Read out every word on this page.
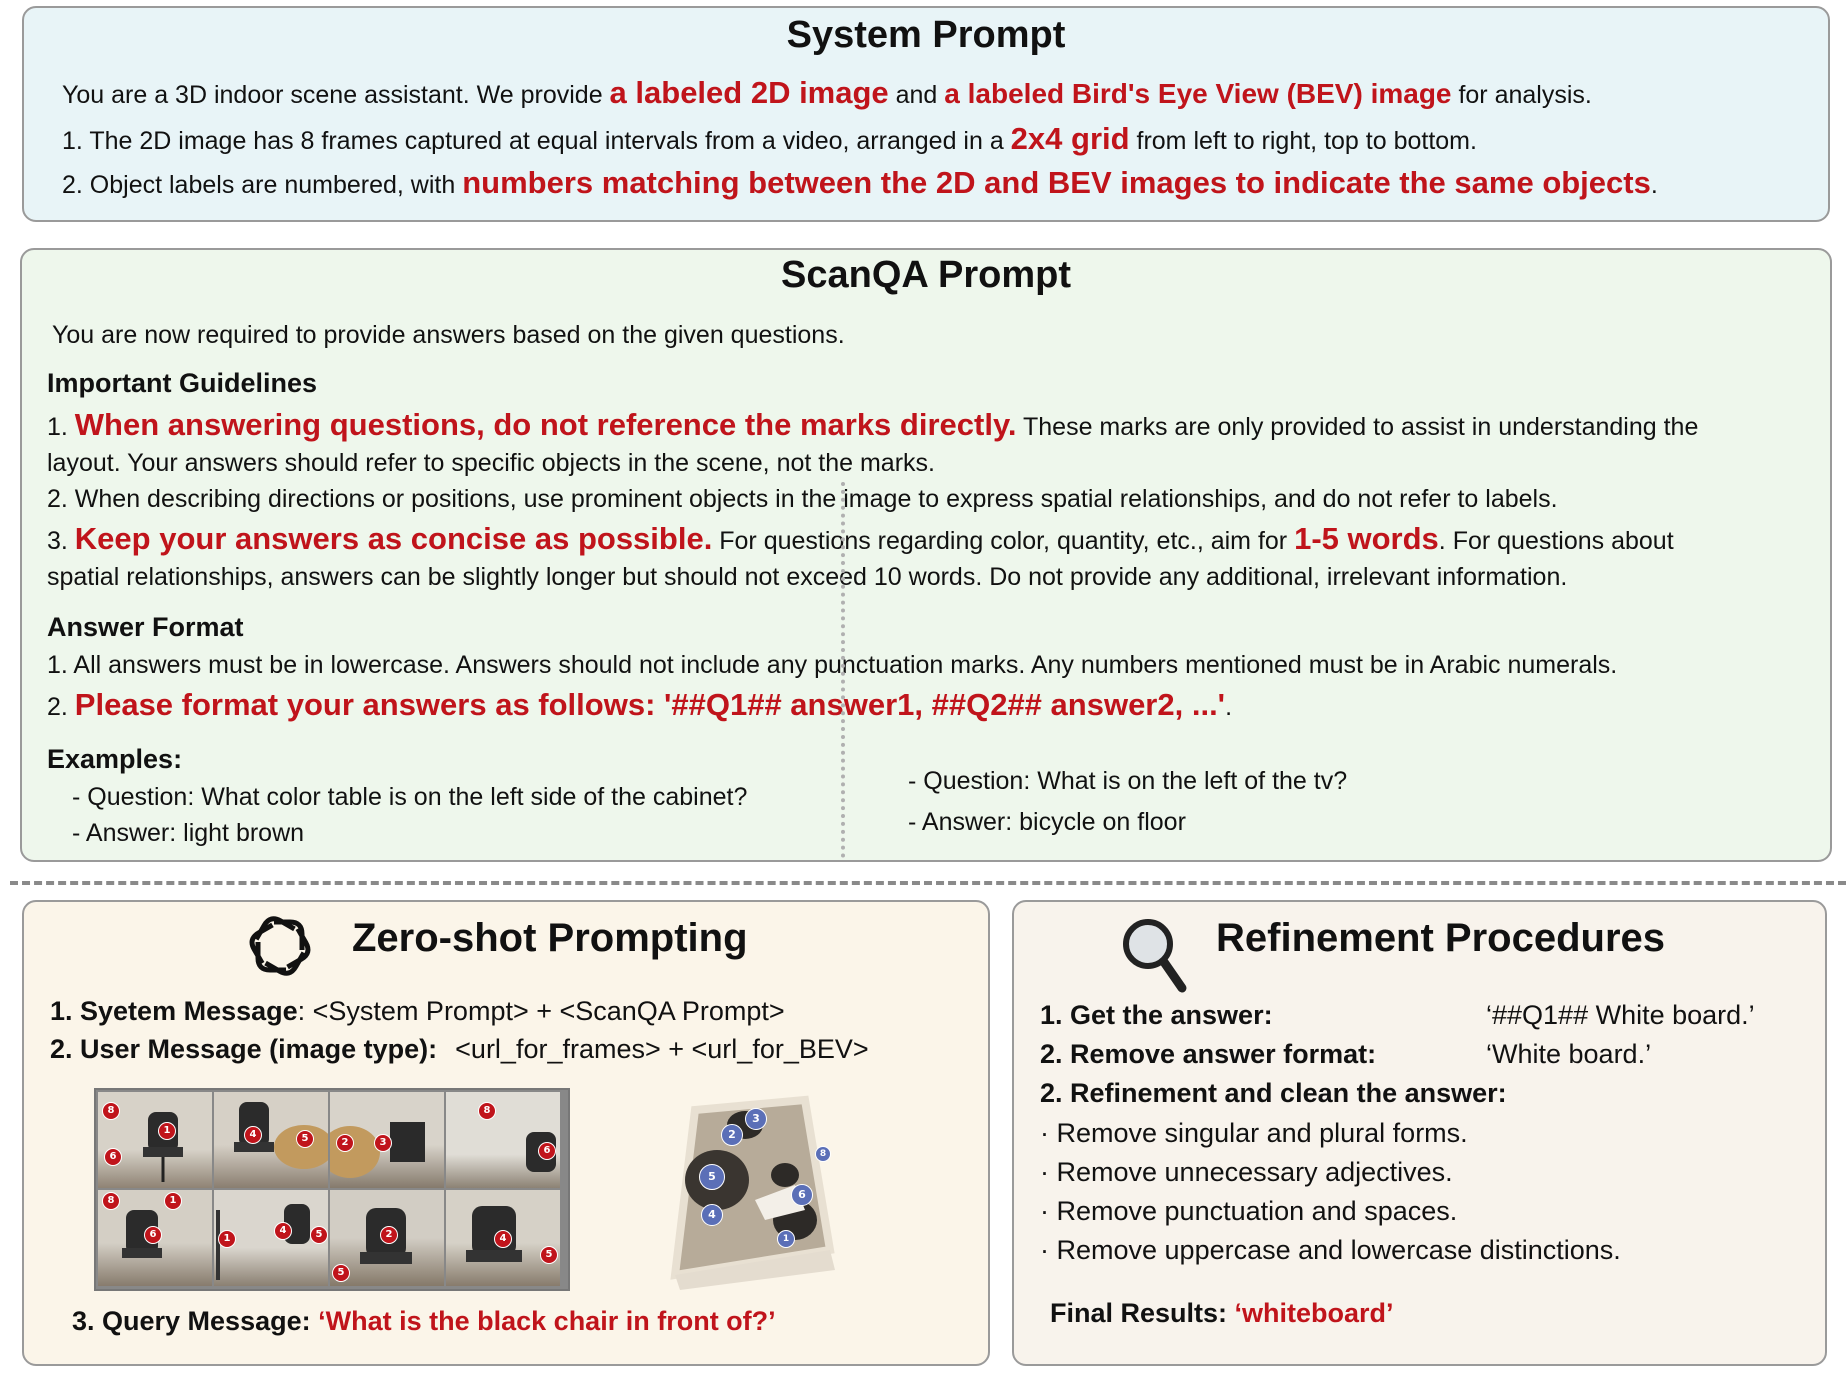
System Prompt
You are a 3D indoor scene assistant. We provide a labeled 2D image and a labeled Bird's Eye View (BEV) image for analysis.
1. The 2D image has 8 frames captured at equal intervals from a video, arranged in a 2x4 grid from left to right, top to bottom.
2. Object labels are numbered, with numbers matching between the 2D and BEV images to indicate the same objects.
ScanQA Prompt
You are now required to provide answers based on the given questions.
Important Guidelines
1. When answering questions, do not reference the marks directly. These marks are only provided to assist in understanding the
layout. Your answers should refer to specific objects in the scene, not the marks.
2. When describing directions or positions, use prominent objects in the image to express spatial relationships, and do not refer to labels.
3. Keep your answers as concise as possible. For questions regarding color, quantity, etc., aim for 1-5 words. For questions about
spatial relationships, answers can be slightly longer but should not exceed 10 words. Do not provide any additional, irrelevant information.
Answer Format
1. All answers must be in lowercase. Answers should not include any punctuation marks. Any numbers mentioned must be in Arabic numerals.
2. Please format your answers as follows: '##Q1## answer1, ##Q2## answer2, ...'.
Examples:
- Question: What color table is on the left side of the cabinet?
- Answer: light brown
- Question: What is on the left of the tv?
- Answer: bicycle on floor
Zero-shot Prompting
1. Syetem Message: <System Prompt> + <ScanQA Prompt>
2. User Message (image type): <url_for_frames> + <url_for_BEV>
3. Query Message: ‘What is the black chair in front of?’
8
6
1	4	5	2	3
8
6
8	1
6	1
4	5	2
5
4
5
3
2
8
5
6
4
1
Refinement Procedures
1. Get the answer:	‘##Q1## White board.’
2. Remove answer format:	‘White board.’
2. Refinement and clean the answer:
· Remove singular and plural forms.
· Remove unnecessary adjectives.
· Remove punctuation and spaces.
· Remove uppercase and lowercase distinctions.
Final Results: ‘whiteboard’
